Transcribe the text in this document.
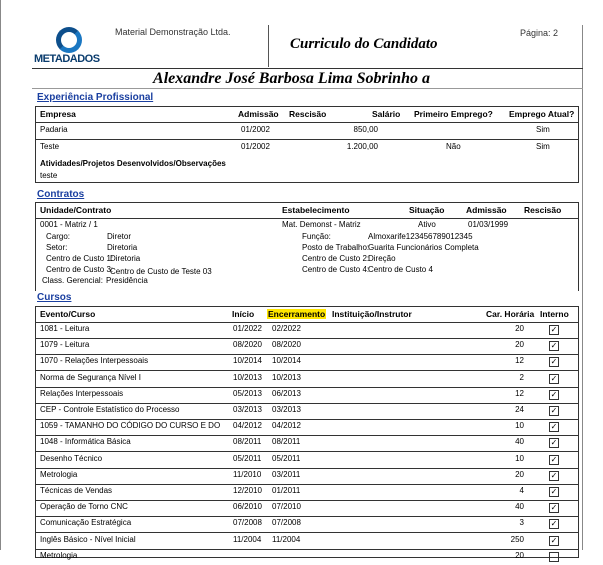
METADADOS
Material Demonstração Ltda.
Curriculo do Candidato
Página: 2
Alexandre José Barbosa Lima Sobrinho a
Experiência Profissional
Empresa	Admissão Rescisão	Salário Primeiro Emprego? Emprego Atual?
Padaria	01/2002	850,00	Sim
Teste	01/2002	1.200,00	Não	Sim
Atividades/Projetos Desenvolvidos/Observações
teste
Contratos
Unidade/Contrato	Estabelecimento	Situação	Admissão Rescisão
0001 - Matriz / 1	Mat. Demonst - Matriz	Ativo	01/03/1999
Cargo:	Diretor
Setor:	Diretoria
Centro de Custo 1:
Diretoria
Centro de Custo 3:
Centro de Custo de Teste 03
Class. Gerencial: Presidência
Função:	Almoxarife123456789012345
Posto de Trabalho:
Guarita Funcionários Completa
Centro de Custo 2:
Direção
Centro de Custo 4:
Centro de Custo 4
Cursos
Evento/Curso	Início Encerramento Instituição/Instrutor	Car. Horária Interno
1081 - Leitura	01/2022 02/2022	20	✓
1079 - Leitura	08/2020 08/2020	20	✓
1070 - Relações Interpessoais	10/2014 10/2014	12	✓
Norma de Segurança Nível I	10/2013 10/2013	2	✓
Relações Interpessoais	05/2013 06/2013	12	✓
CEP - Controle Estatístico do Processo	03/2013 03/2013	24	✓
1059 - TAMANHO DO CÓDIGO DO CURSO E DO 04/2012 04/2012	10	✓
1048 - Informática Básica	08/2011 08/2011	40	✓
Desenho Técnico	05/2011 05/2011	10	✓
Metrologia	11/2010 03/2011	20	✓
Técnicas de Vendas	12/2010 01/2011	4	✓
Operação de Torno CNC	06/2010 07/2010	40	✓
Comunicação Estratégica	07/2008 07/2008	3	✓
Inglês Básico - Nível Inicial	11/2004 11/2004	250	✓
Metrologia	20
